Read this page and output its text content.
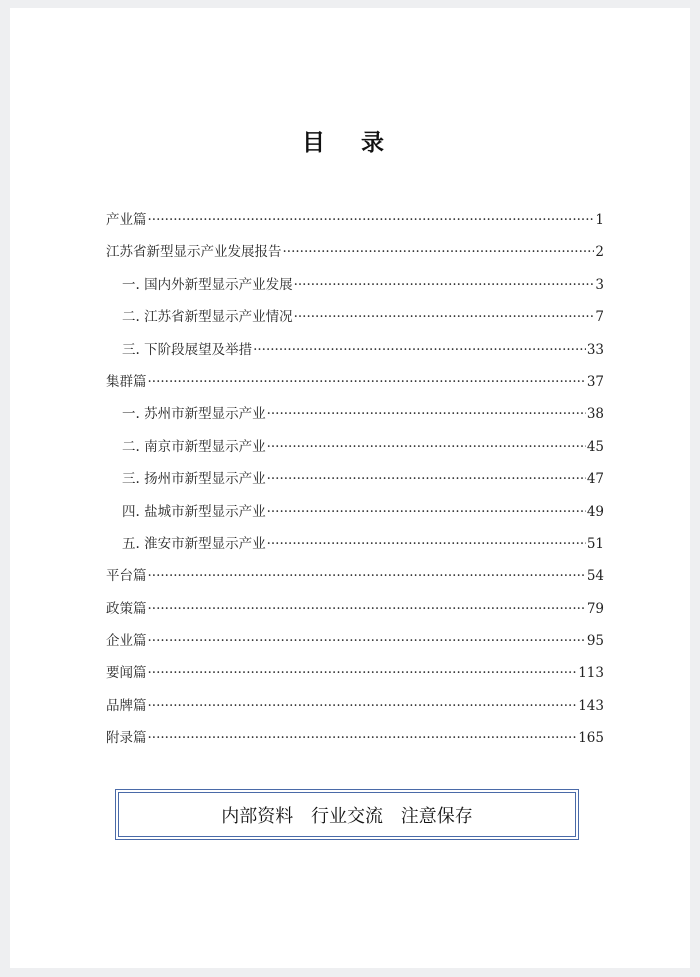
目 录
产业篇 ·····	1
江苏省新型显示产业发展报告 ·····	2
一. 国内外新型显示产业发展 ·····	3
二. 江苏省新型显示产业情况 ·····	7
三. 下阶段展望及举措 ·····	33
集群篇 ·····	37
一. 苏州市新型显示产业 ·····	38
二. 南京市新型显示产业 ·····	45
三. 扬州市新型显示产业 ·····	47
四. 盐城市新型显示产业 ·····	49
五. 淮安市新型显示产业 ·····	51
平台篇 ·····	54
政策篇 ·····	79
企业篇 ·····	95
要闻篇 ·····	113
品牌篇 ·····	143
附录篇 ·····	165
内部资料 行业交流 注意保存
